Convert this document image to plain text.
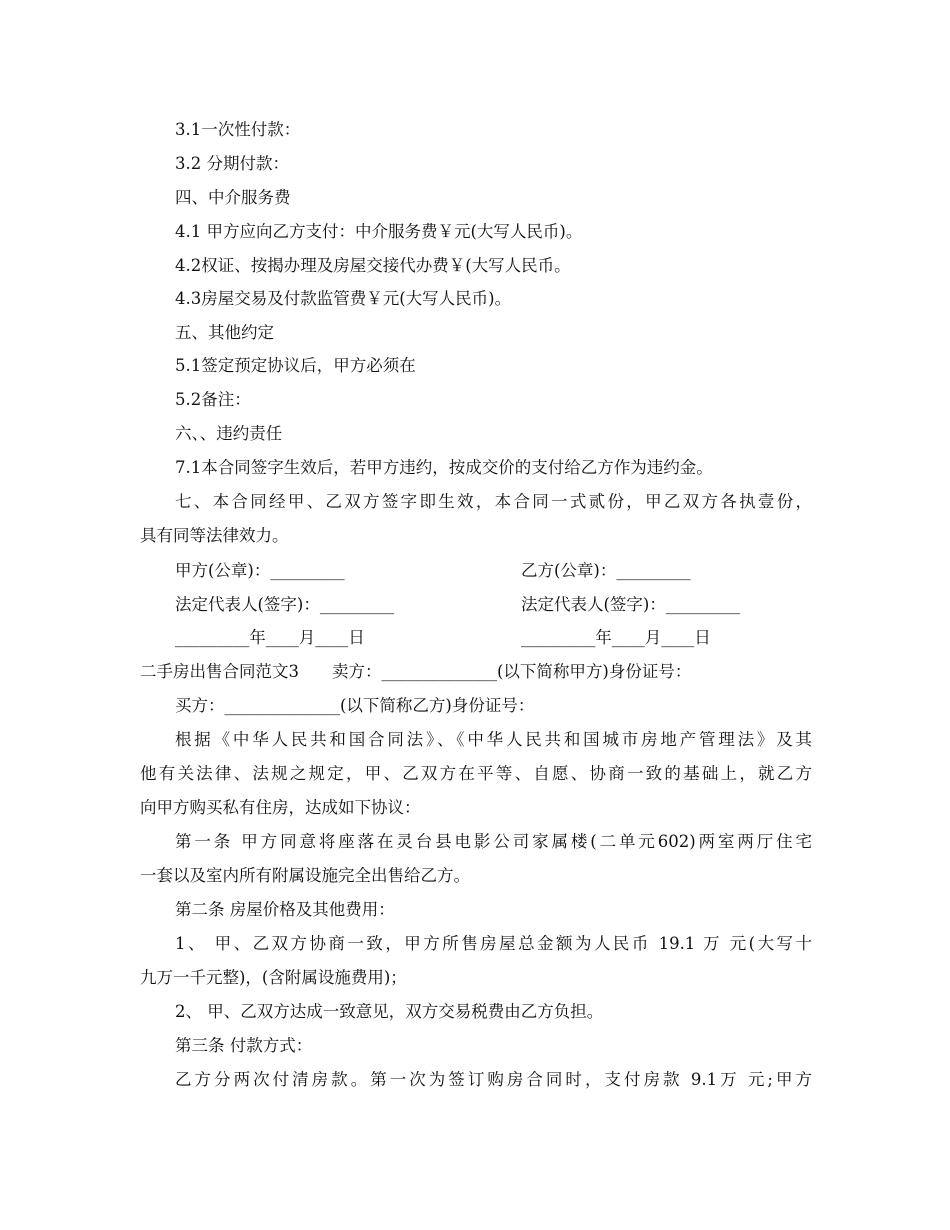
3.1一次性付款：
3.2 分期付款：
四、中介服务费
4.1 甲方应向乙方支付：中介服务费￥元(大写人民币)。
4.2权证、按揭办理及房屋交接代办费￥(大写人民币。
4.3房屋交易及付款监管费￥元(大写人民币)。
五、其他约定
5.1签定预定协议后，甲方必须在
5.2备注：
六、、违约责任
7.1本合同签字生效后，若甲方违约，按成交价的支付给乙方作为违约金。
七、本合同经甲、乙双方签字即生效，本合同一式贰份，甲乙双方各执壹份，
具有同等法律效力。
甲方(公章)：_________	乙方(公章)：_________
法定代表人(签字)：_________	法定代表人(签字)：_________
_________年____月____日	_________年____月____日
二手房出售合同范文3　　卖方：______________(以下简称甲方)身份证号：
买方：______________(以下简称乙方)身份证号：
根据《中华人民共和国合同法》、《中华人民共和国城市房地产管理法》及其
他有关法律、法规之规定，甲、乙双方在平等、自愿、协商一致的基础上，就乙方
向甲方购买私有住房，达成如下协议：
第一条 甲方同意将座落在灵台县电影公司家属楼(二单元602)两室两厅住宅
一套以及室内所有附属设施完全出售给乙方。
第二条 房屋价格及其他费用：
1、 甲、乙双方协商一致，甲方所售房屋总金额为人民币 19.1 万 元(大写十
九万一千元整)，(含附属设施费用)；
2、 甲、乙双方达成一致意见，双方交易税费由乙方负担。
第三条 付款方式：
乙方分两次付清房款。第一次为签订购房合同时，支付房款 9.1万 元;甲方
